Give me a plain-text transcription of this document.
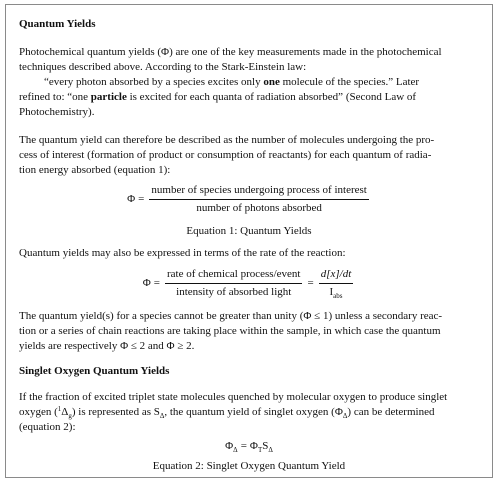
Quantum Yields
Photochemical quantum yields (Φ) are one of the key measurements made in the photochemical
techniques described above. According to the Stark-Einstein law:
“every photon absorbed by a species excites only one molecule of the species.” Later
refined to: “one particle is excited for each quanta of radiation absorbed” (Second Law of
Photochemistry).
The quantum yield can therefore be described as the number of molecules undergoing the pro-
cess of interest (formation of product or consumption of reactants) for each quantum of radia-
tion energy absorbed (equation 1):
$\Phi = \frac{\text{number of species undergoing process of interest}}{\text{number of photons absorbed}}$
Equation 1: Quantum Yields
Quantum yields may also be expressed in terms of the rate of the reaction:
$\Phi = \frac{\text{rate of chemical process/event}}{\text{intensity of absorbed light}} = \frac{d[x]/dt}{I_{abs}}$
The quantum yield(s) for a species cannot be greater than unity (Φ ≤ 1) unless a secondary reac-
tion or a series of chain reactions are taking place within the sample, in which case the quantum
yields are respectively Φ ≤ 2 and Φ ≥ 2.
Singlet Oxygen Quantum Yields
If the fraction of excited triplet state molecules quenched by molecular oxygen to produce singlet
oxygen $(^1\Delta_g)$ is represented as $S_\Delta$, the quantum yield of singlet oxygen $(\Phi_\Delta)$ can be determined
(equation 2):
$\Phi_\Delta = \Phi_TS_\Delta$
Equation 2: Singlet Oxygen Quantum Yield
